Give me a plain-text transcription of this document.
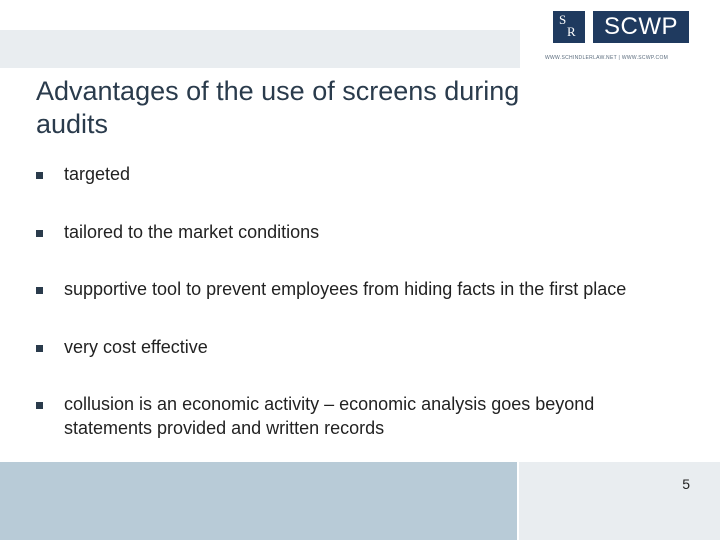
S
R	SCWP
WWW.SCHINDLERLAW.NET | WWW.SCWP.COM
Advantages of the use of screens during audits
targeted
tailored to the market conditions
supportive tool to prevent employees from hiding facts in the first place
very cost effective
collusion is an economic activity – economic analysis goes beyond statements provided and written records
5
